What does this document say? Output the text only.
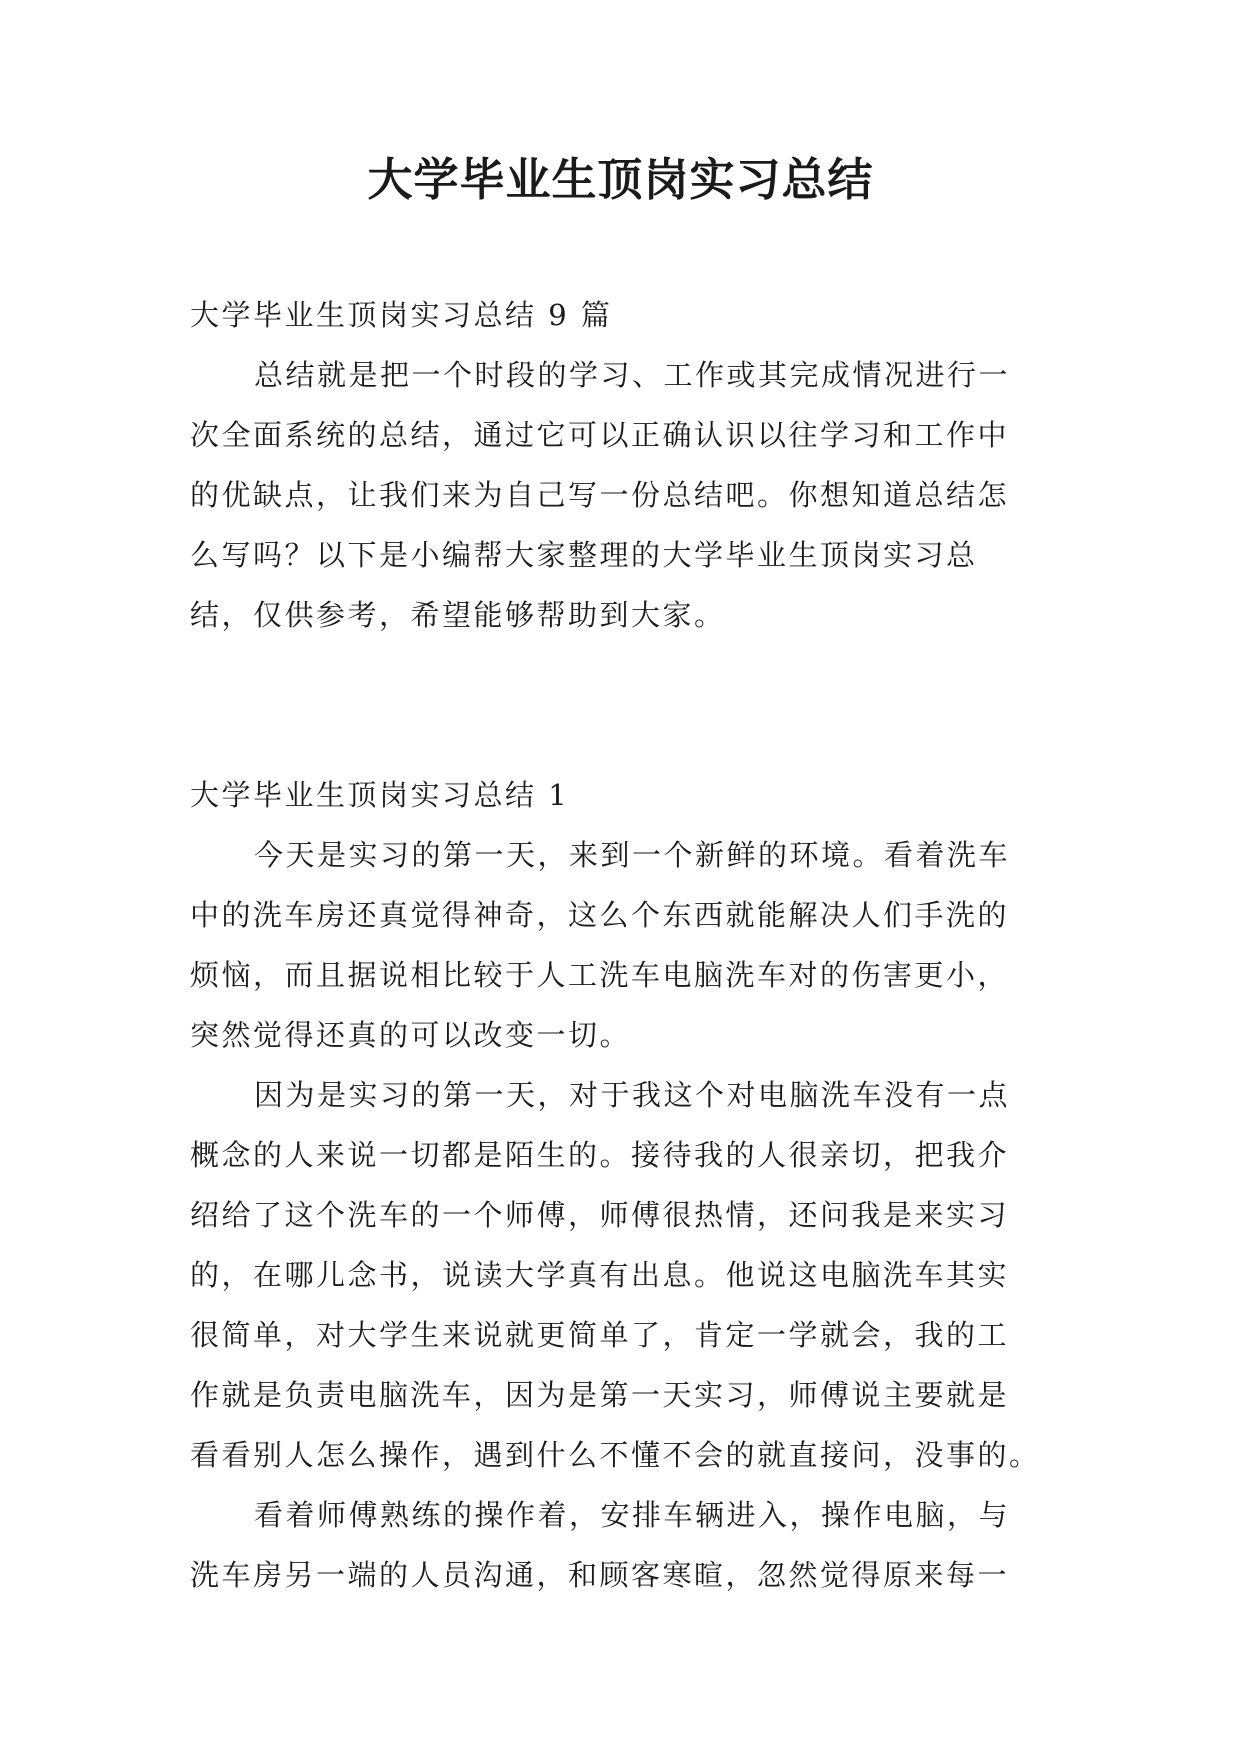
大学毕业生顶岗实习总结
大学毕业生顶岗实习总结 9 篇
总结就是把一个时段的学习、工作或其完成情况进行一
次全面系统的总结，通过它可以正确认识以往学习和工作中
的优缺点，让我们来为自己写一份总结吧。你想知道总结怎
么写吗？以下是小编帮大家整理的大学毕业生顶岗实习总
结，仅供参考，希望能够帮助到大家。
大学毕业生顶岗实习总结 1
今天是实习的第一天，来到一个新鲜的环境。看着洗车
中的洗车房还真觉得神奇，这么个东西就能解决人们手洗的
烦恼，而且据说相比较于人工洗车电脑洗车对的伤害更小，
突然觉得还真的可以改变一切。
因为是实习的第一天，对于我这个对电脑洗车没有一点
概念的人来说一切都是陌生的。接待我的人很亲切，把我介
绍给了这个洗车的一个师傅，师傅很热情，还问我是来实习
的，在哪儿念书，说读大学真有出息。他说这电脑洗车其实
很简单，对大学生来说就更简单了，肯定一学就会，我的工
作就是负责电脑洗车，因为是第一天实习，师傅说主要就是
看看别人怎么操作，遇到什么不懂不会的就直接问，没事的。
看着师傅熟练的操作着，安排车辆进入，操作电脑，与
洗车房另一端的人员沟通，和顾客寒暄，忽然觉得原来每一
